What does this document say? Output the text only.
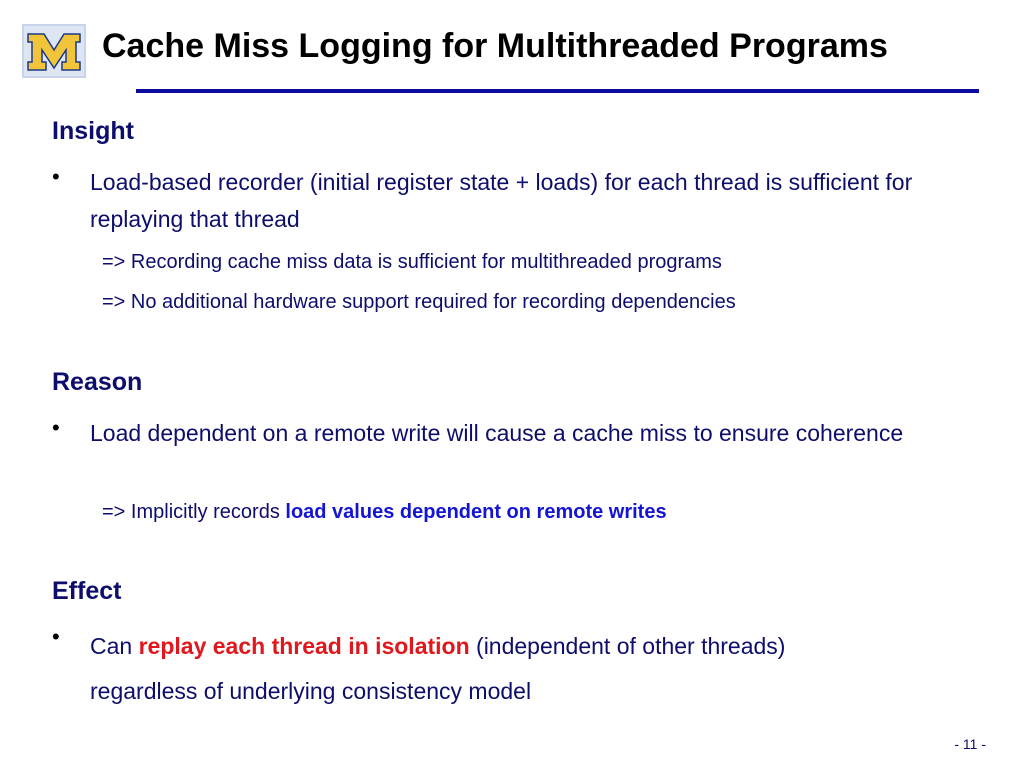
Cache Miss Logging for Multithreaded Programs
Insight
• Load-based recorder (initial register state + loads) for each thread is sufficient for replaying that thread
=> Recording cache miss data is sufficient for multithreaded programs
=> No additional hardware support required for recording dependencies
Reason
• Load dependent on a remote write will cause a cache miss to ensure coherence
=> Implicitly records load values dependent on remote writes
Effect
• Can replay each thread in isolation (independent of other threads)
regardless of underlying consistency model
- 11 -
